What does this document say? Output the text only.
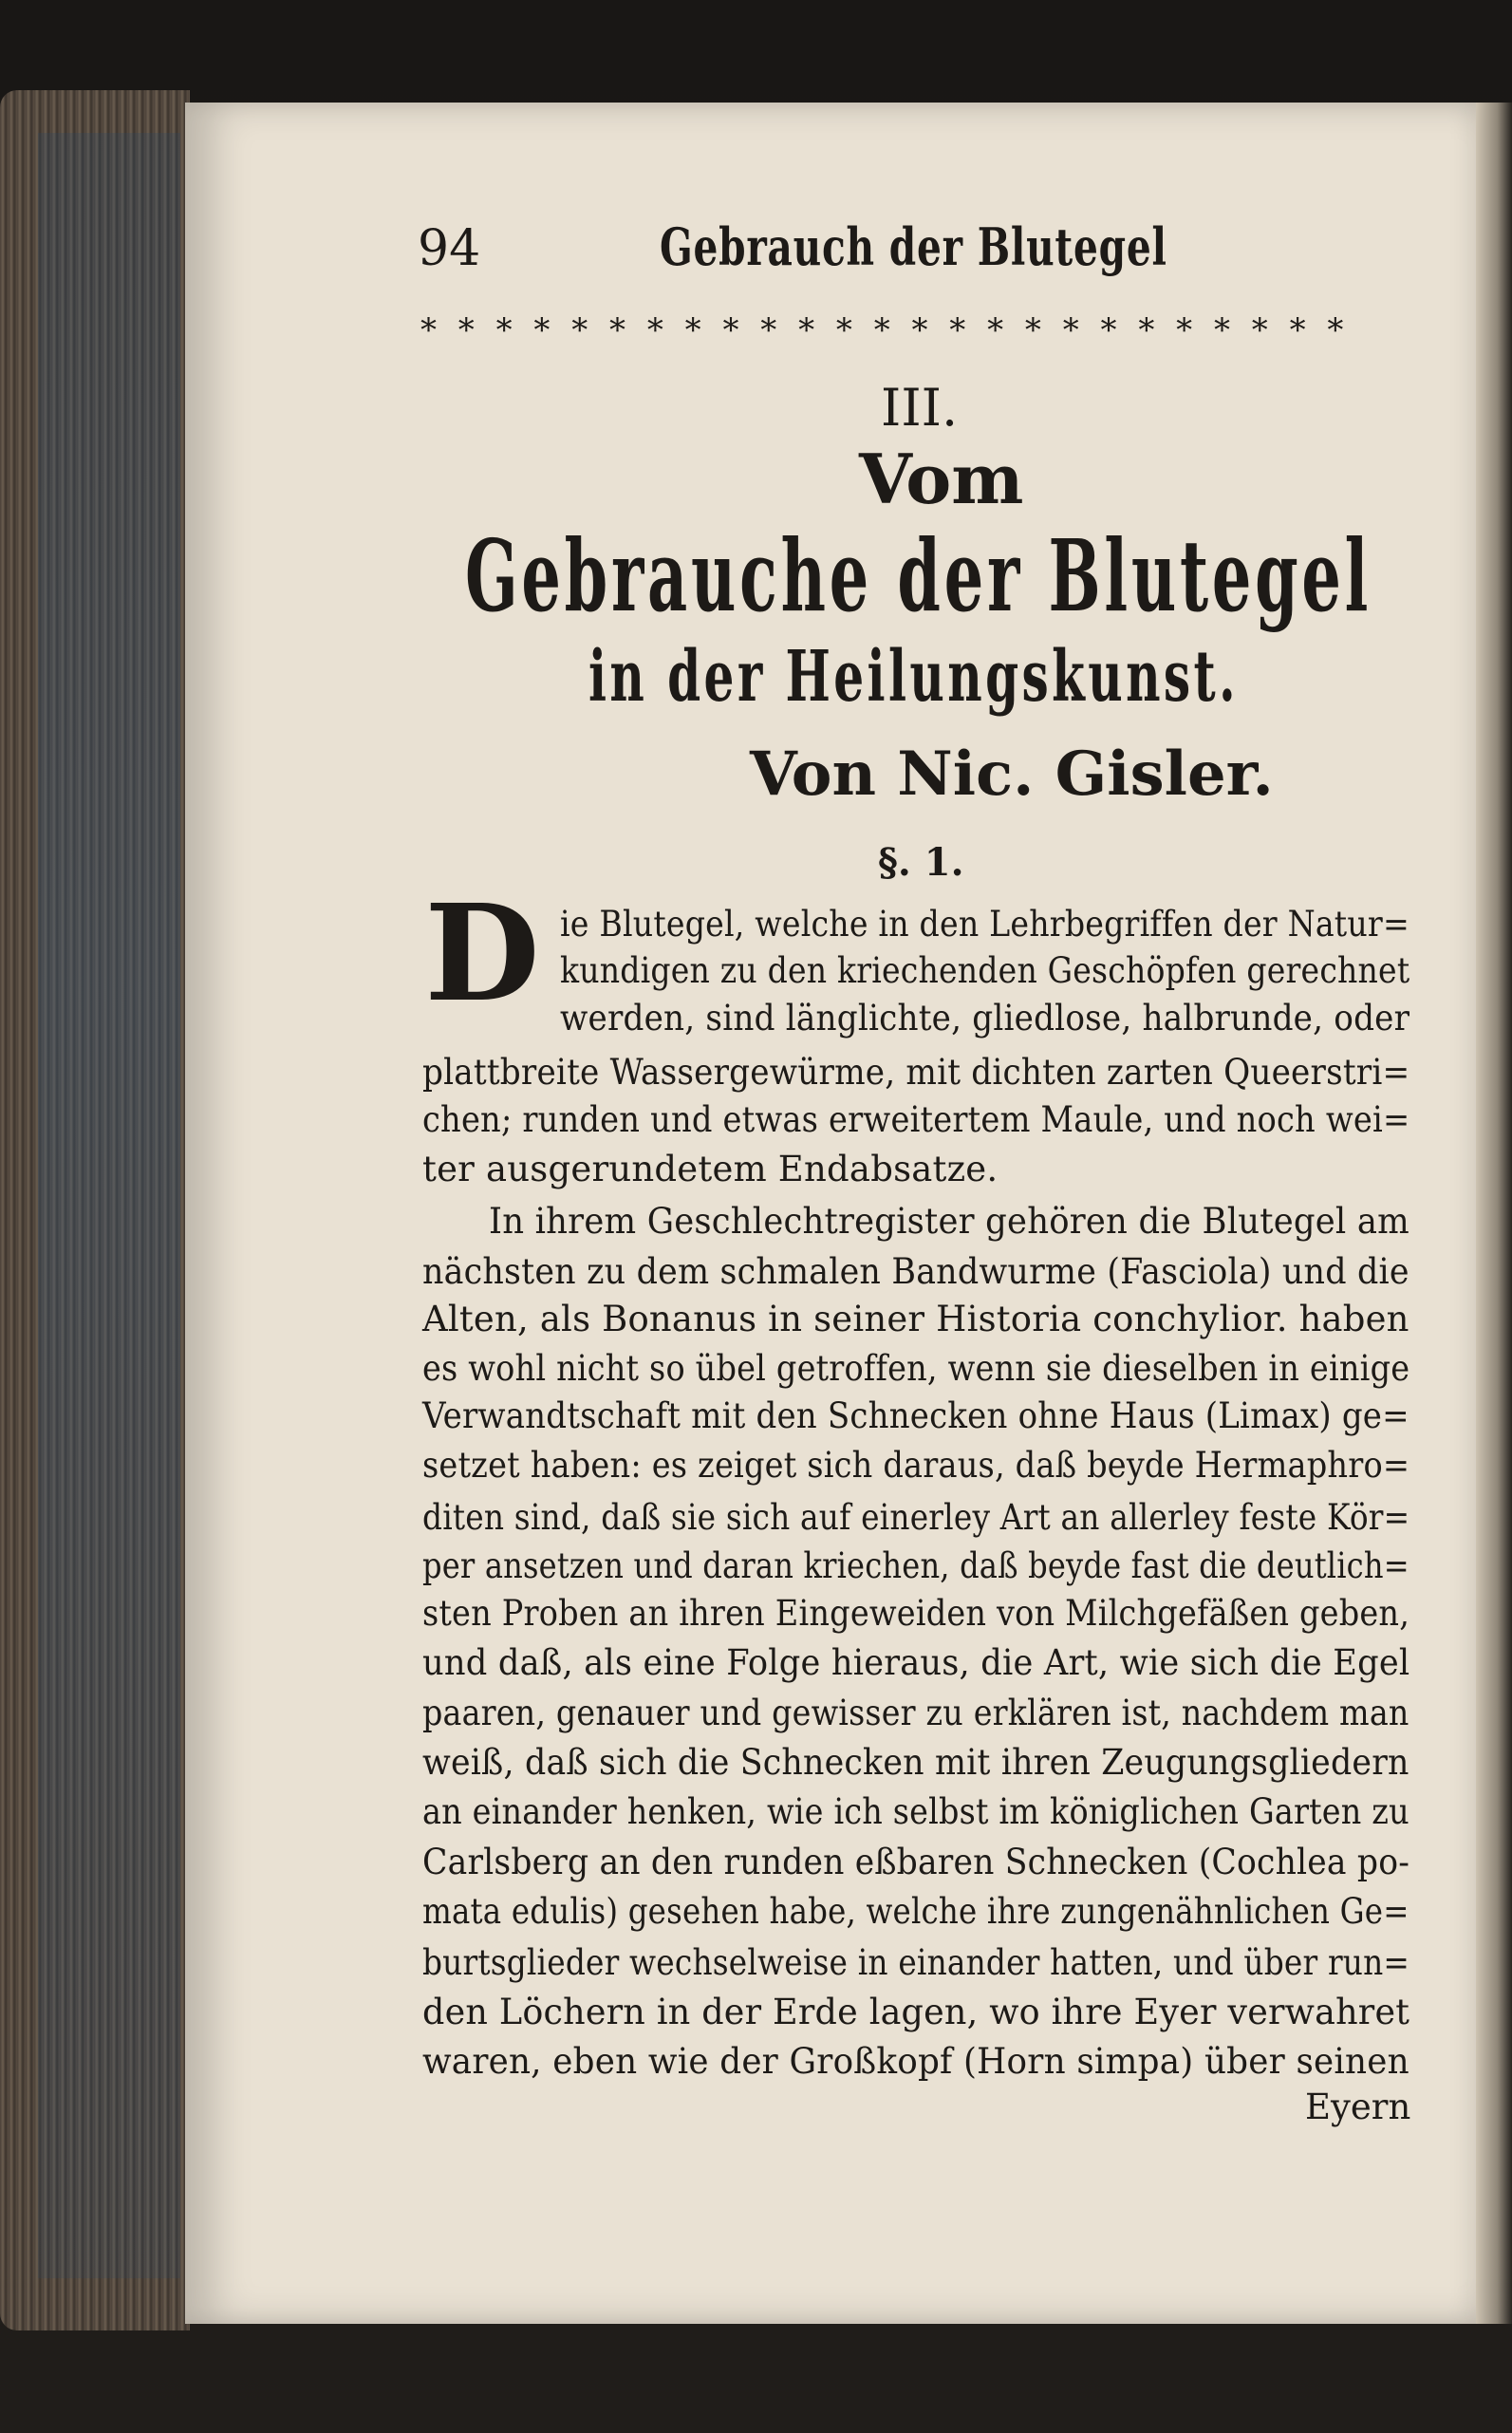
94	Gebrauch der Blutegel
* * * * * * * * * * * * * * * * * * * * * * * * *
III.
Vom
Gebrauche der Blutegel
in der Heilungskunst.
Von Nic. Gisler.
§. 1.
D ie Blutegel, welche in den Lehrbegriffen der Natur=
kundigen zu den kriechenden Geschöpfen gerechnet
werden, sind länglichte, gliedlose, halbrunde, oder
plattbreite Wassergewürme, mit dichten zarten Queerstri=
chen; runden und etwas erweitertem Maule, und noch wei=
ter ausgerundetem Endabsatze.
In ihrem Geschlechtregister gehören die Blutegel am
nächsten zu dem schmalen Bandwurme (Fasciola) und die
Alten, als Bonanus in seiner Historia conchylior. haben
es wohl nicht so übel getroffen, wenn sie dieselben in einige
Verwandtschaft mit den Schnecken ohne Haus (Limax) ge=
setzet haben: es zeiget sich daraus, daß beyde Hermaphro=
diten sind, daß sie sich auf einerley Art an allerley feste Kör=
per ansetzen und daran kriechen, daß beyde fast die deutlich=
sten Proben an ihren Eingeweiden von Milchgefäßen geben,
und daß, als eine Folge hieraus, die Art, wie sich die Egel
paaren, genauer und gewisser zu erklären ist, nachdem man
weiß, daß sich die Schnecken mit ihren Zeugungsgliedern
an einander henken, wie ich selbst im königlichen Garten zu
Carlsberg an den runden eßbaren Schnecken (Cochlea po-
mata edulis) gesehen habe, welche ihre zungenähnlichen Ge=
burtsglieder wechselweise in einander hatten, und über run=
den Löchern in der Erde lagen, wo ihre Eyer verwahret
waren, eben wie der Großkopf (Horn simpa) über seinen
Eyern
